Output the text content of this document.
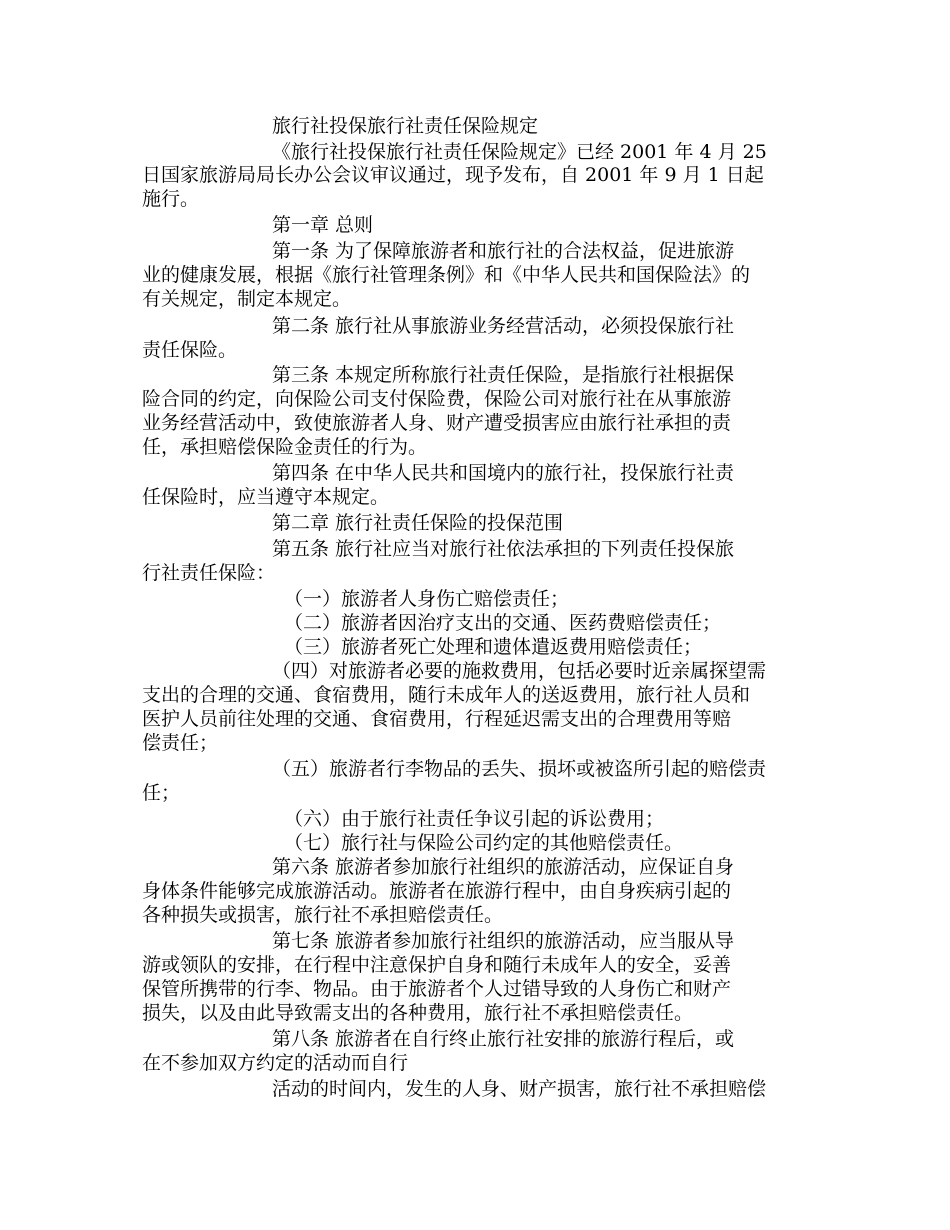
旅行社投保旅行社责任保险规定
《旅行社投保旅行社责任保险规定》已经 2001 年 4 月 25
日国家旅游局局长办公会议审议通过，现予发布，自 2001 年 9 月 1 日起
施行。
第一章 总则
第一条 为了保障旅游者和旅行社的合法权益，促进旅游
业的健康发展，根据《旅行社管理条例》和《中华人民共和国保险法》的
有关规定，制定本规定。
第二条 旅行社从事旅游业务经营活动，必须投保旅行社
责任保险。
第三条 本规定所称旅行社责任保险，是指旅行社根据保
险合同的约定，向保险公司支付保险费，保险公司对旅行社在从事旅游
业务经营活动中，致使旅游者人身、财产遭受损害应由旅行社承担的责
任，承担赔偿保险金责任的行为。
第四条 在中华人民共和国境内的旅行社，投保旅行社责
任保险时，应当遵守本规定。
第二章 旅行社责任保险的投保范围
第五条 旅行社应当对旅行社依法承担的下列责任投保旅
行社责任保险：
（一）旅游者人身伤亡赔偿责任；
（二）旅游者因治疗支出的交通、医药费赔偿责任；
（三）旅游者死亡处理和遗体遣返费用赔偿责任；
（四）对旅游者必要的施救费用，包括必要时近亲属探望需
支出的合理的交通、食宿费用，随行未成年人的送返费用，旅行社人员和
医护人员前往处理的交通、食宿费用，行程延迟需支出的合理费用等赔
偿责任；
（五）旅游者行李物品的丢失、损坏或被盗所引起的赔偿责
任；
（六）由于旅行社责任争议引起的诉讼费用；
（七）旅行社与保险公司约定的其他赔偿责任。
第六条 旅游者参加旅行社组织的旅游活动，应保证自身
身体条件能够完成旅游活动。旅游者在旅游行程中，由自身疾病引起的
各种损失或损害，旅行社不承担赔偿责任。
第七条 旅游者参加旅行社组织的旅游活动，应当服从导
游或领队的安排，在行程中注意保护自身和随行未成年人的安全，妥善
保管所携带的行李、物品。由于旅游者个人过错导致的人身伤亡和财产
损失，以及由此导致需支出的各种费用，旅行社不承担赔偿责任。
第八条 旅游者在自行终止旅行社安排的旅游行程后，或
在不参加双方约定的活动而自行
活动的时间内，发生的人身、财产损害，旅行社不承担赔偿
